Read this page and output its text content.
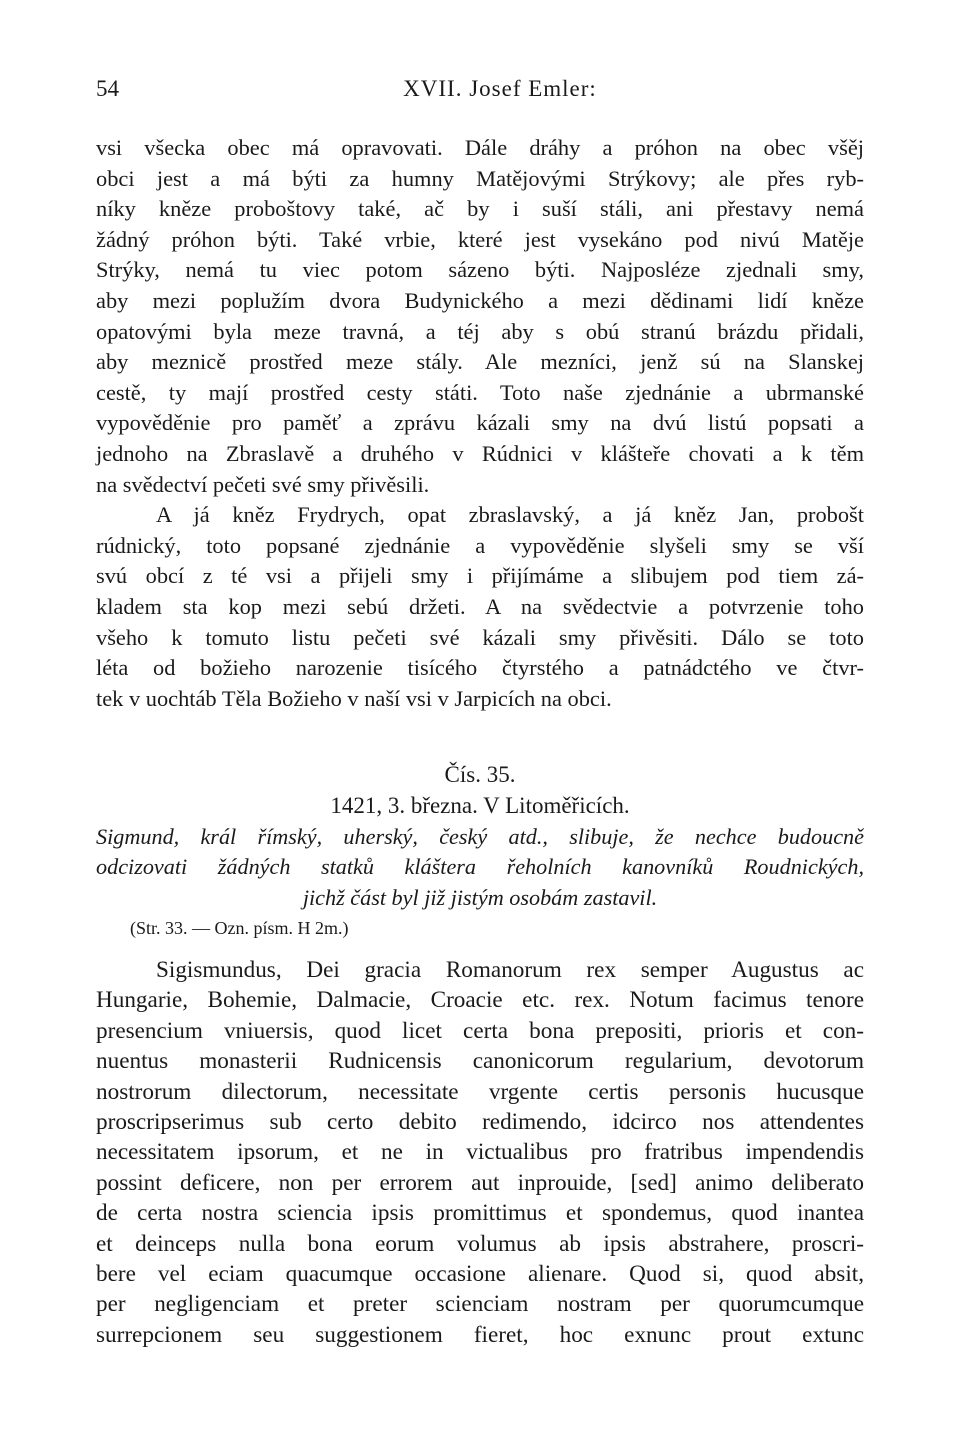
54	XVII. Josef Emler:
vsi všecka obec má opravovati. Dále dráhy a próhon na obec všěj
obci jest a má býti za humny Matějovými Strýkovy; ale přes ryb-
níky kněze proboštovy také, ač by i suší stáli, ani přestavy nemá
žádný próhon býti. Také vrbie, které jest vysekáno pod nivú Matěje
Strýky, nemá tu viec potom sázeno býti. Najposléze zjednali smy,
aby mezi poplužím dvora Budynického a mezi dědinami lidí kněze
opatovými byla meze travná, a téj aby s obú stranú brázdu přidali,
aby meznicě prostřed meze stály. Ale mezníci, jenž sú na Slanskej
cestě, ty mají prostřed cesty státi. Toto naše zjednánie a ubrmanské
vypověděnie pro paměť a zprávu kázali smy na dvú listú popsati a
jednoho na Zbraslavě a druhého v Rúdnici v klášteře chovati a k těm
na svědectví pečeti své smy přivěsili.
A já kněz Frydrych, opat zbraslavský, a já kněz Jan, probošt
rúdnický, toto popsané zjednánie a vypověděnie slyšeli smy se vší
svú obcí z té vsi a přijeli smy i přijímáme a slibujem pod tiem zá-
kladem sta kop mezi sebú držeti. A na svědectvie a potvrzenie toho
všeho k tomuto listu pečeti své kázali smy přivěsiti. Dálo se toto
léta od božieho narozenie tisícého čtyrstého a patnádctého ve čtvr-
tek v uochtáb Těla Božieho v naší vsi v Jarpicích na obci.
Čís. 35.
1421, 3. března. V Litoměřicích.
Sigmund, král římský, uherský, český atd., slibuje, že nechce budoucně
odcizovati žádných statků kláštera řeholních kanovníků Roudnických,
jichž část byl již jistým osobám zastavil.
(Str. 33. — Ozn. písm. H 2m.)
Sigismundus, Dei gracia Romanorum rex semper Augustus ac
Hungarie, Bohemie, Dalmacie, Croacie etc. rex. Notum facimus tenore
presencium vniuersis, quod licet certa bona prepositi, prioris et con-
nuentus monasterii Rudnicensis canonicorum regularium, devotorum
nostrorum dilectorum, necessitate vrgente certis personis hucusque
proscripserimus sub certo debito redimendo, idcirco nos attendentes
necessitatem ipsorum, et ne in victualibus pro fratribus impendendis
possint deficere, non per errorem aut inprouide, [sed] animo deliberato
de certa nostra sciencia ipsis promittimus et spondemus, quod inantea
et deinceps nulla bona eorum volumus ab ipsis abstrahere, proscri-
bere vel eciam quacumque occasione alienare. Quod si, quod absit,
per negligenciam et preter scienciam nostram per quorumcumque
surrepcionem seu suggestionem fieret, hoc exnunc prout extunc
